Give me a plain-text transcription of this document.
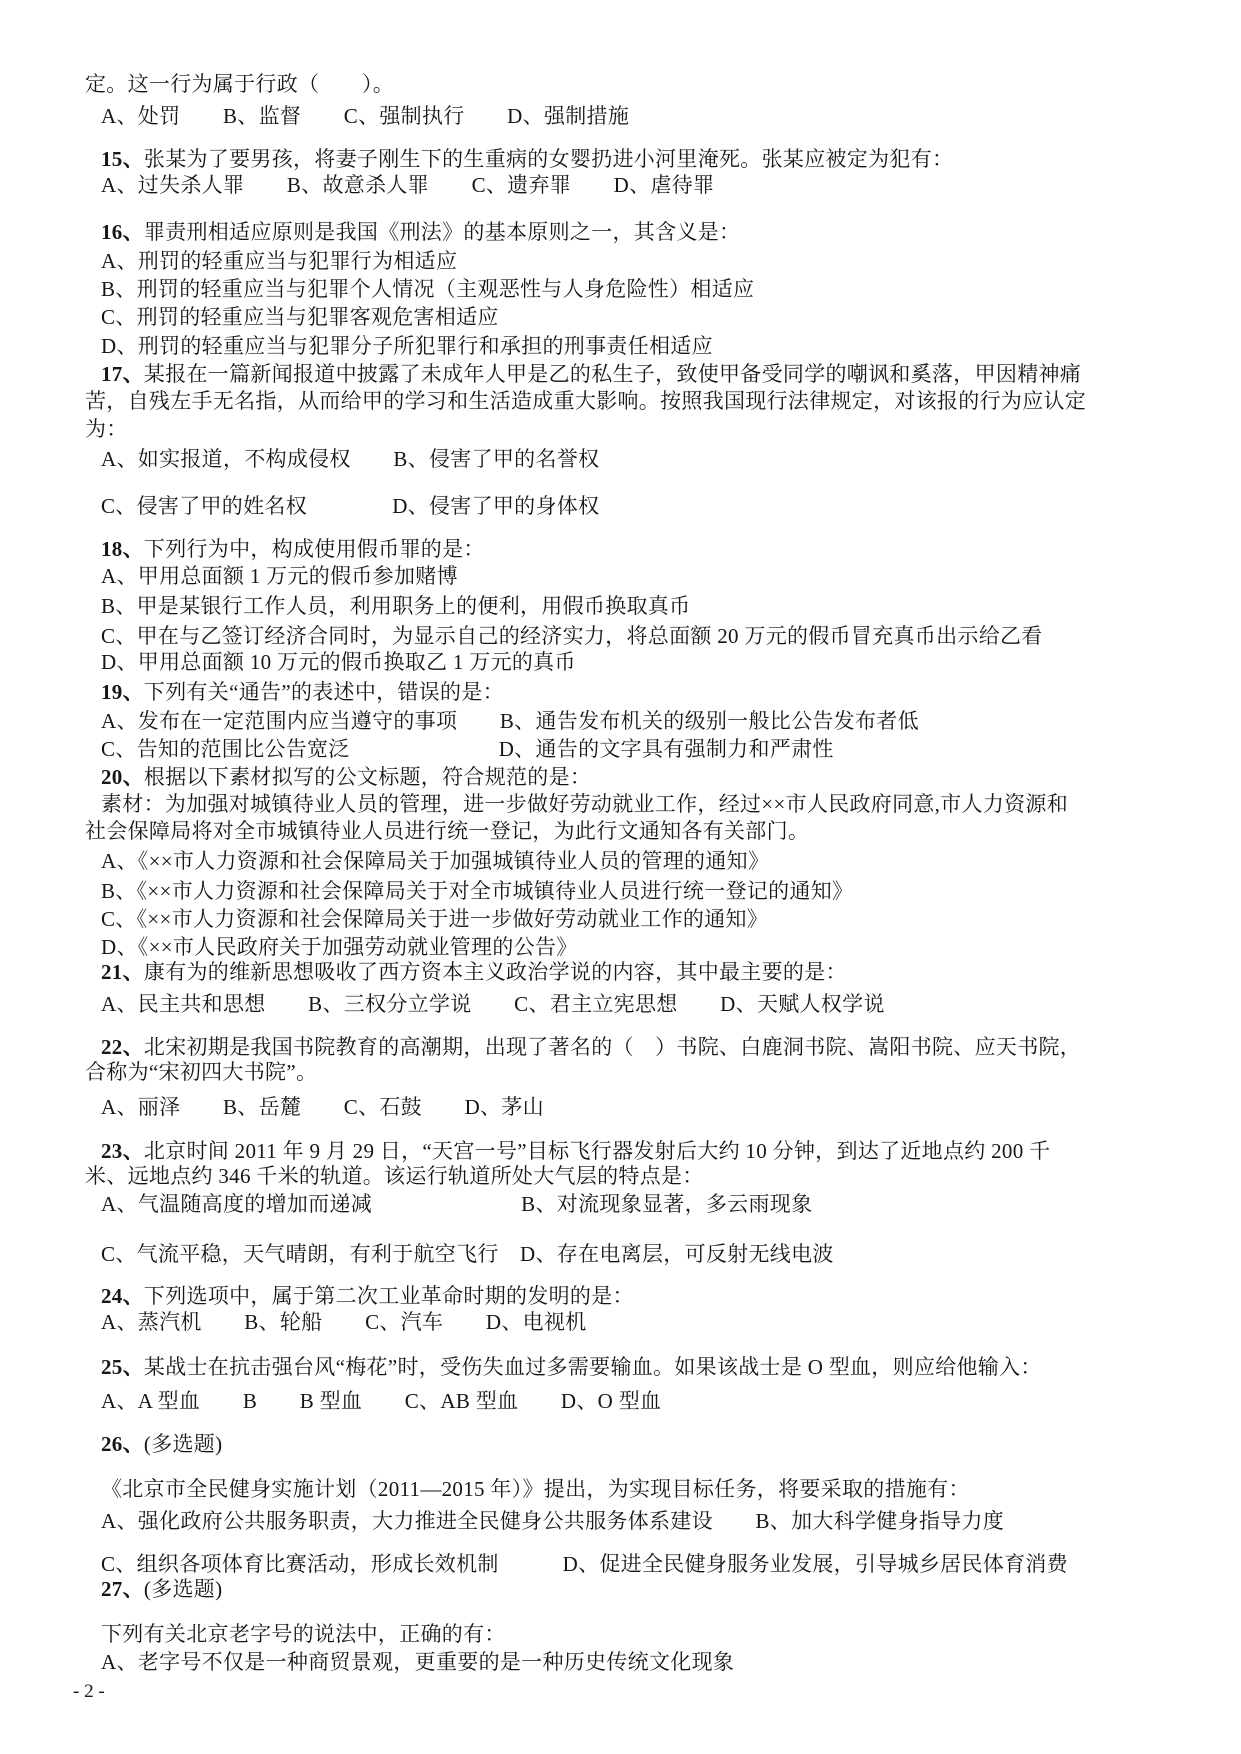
定。这一行为属于行政（　　）。
A、处罚　　B、监督　　C、强制执行　　D、强制措施
15、张某为了要男孩，将妻子刚生下的生重病的女婴扔进小河里淹死。张某应被定为犯有：
A、过失杀人罪　　B、故意杀人罪　　C、遗弃罪　　D、虐待罪
16、罪责刑相适应原则是我国《刑法》的基本原则之一，其含义是：
A、刑罚的轻重应当与犯罪行为相适应
B、刑罚的轻重应当与犯罪个人情况（主观恶性与人身危险性）相适应
C、刑罚的轻重应当与犯罪客观危害相适应
D、刑罚的轻重应当与犯罪分子所犯罪行和承担的刑事责任相适应
17、某报在一篇新闻报道中披露了未成年人甲是乙的私生子，致使甲备受同学的嘲讽和奚落，甲因精神痛
苦，自残左手无名指，从而给甲的学习和生活造成重大影响。按照我国现行法律规定，对该报的行为应认定
为：
A、如实报道，不构成侵权　　B、侵害了甲的名誉权
C、侵害了甲的姓名权　　　　D、侵害了甲的身体权
18、下列行为中，构成使用假币罪的是：
A、甲用总面额 1 万元的假币参加赌博
B、甲是某银行工作人员，利用职务上的便利，用假币换取真币
C、甲在与乙签订经济合同时，为显示自己的经济实力，将总面额 20 万元的假币冒充真币出示给乙看
D、甲用总面额 10 万元的假币换取乙 1 万元的真币
19、下列有关“通告”的表述中，错误的是：
A、发布在一定范围内应当遵守的事项　　B、通告发布机关的级别一般比公告发布者低
C、告知的范围比公告宽泛　　　　　　　D、通告的文字具有强制力和严肃性
20、根据以下素材拟写的公文标题，符合规范的是：
素材：为加强对城镇待业人员的管理，进一步做好劳动就业工作，经过××市人民政府同意,市人力资源和
社会保障局将对全市城镇待业人员进行统一登记，为此行文通知各有关部门。
A、《××市人力资源和社会保障局关于加强城镇待业人员的管理的通知》
B、《××市人力资源和社会保障局关于对全市城镇待业人员进行统一登记的通知》
C、《××市人力资源和社会保障局关于进一步做好劳动就业工作的通知》
D、《××市人民政府关于加强劳动就业管理的公告》
21、康有为的维新思想吸收了西方资本主义政治学说的内容，其中最主要的是：
A、民主共和思想　　B、三权分立学说　　C、君主立宪思想　　D、天赋人权学说
22、北宋初期是我国书院教育的高潮期，出现了著名的（　）书院、白鹿洞书院、嵩阳书院、应天书院，
合称为“宋初四大书院”。
A、丽泽　　B、岳麓　　C、石鼓　　D、茅山
23、北京时间 2011 年 9 月 29 日，“天宫一号”目标飞行器发射后大约 10 分钟，到达了近地点约 200 千
米、远地点约 346 千米的轨道。该运行轨道所处大气层的特点是：
A、气温随高度的增加而递减　　　　　　　B、对流现象显著，多云雨现象
C、气流平稳，天气晴朗，有利于航空飞行　D、存在电离层，可反射无线电波
24、下列选项中，属于第二次工业革命时期的发明的是：
A、蒸汽机　　B、轮船　　C、汽车　　D、电视机
25、某战士在抗击强台风“梅花”时，受伤失血过多需要输血。如果该战士是 O 型血，则应给他输入：
A、A 型血　　B　　B 型血　　C、AB 型血　　D、O 型血
26、(多选题)
《北京市全民健身实施计划（2011—2015 年）》提出，为实现目标任务，将要采取的措施有：
A、强化政府公共服务职责，大力推进全民健身公共服务体系建设　　B、加大科学健身指导力度
C、组织各项体育比赛活动，形成长效机制　　　D、促进全民健身服务业发展，引导城乡居民体育消费
27、(多选题)
下列有关北京老字号的说法中，正确的有：
A、老字号不仅是一种商贸景观，更重要的是一种历史传统文化现象
- 2 -
